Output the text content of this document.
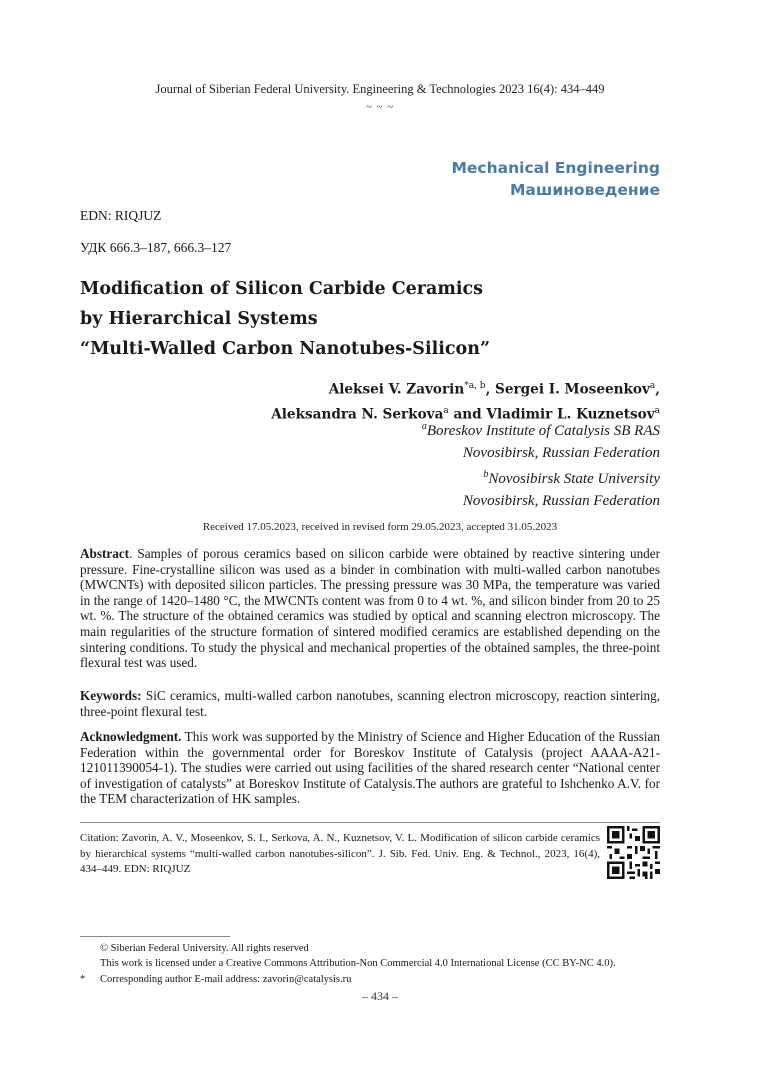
Journal of Siberian Federal University. Engineering & Technologies 2023 16(4): 434–449
~ ~ ~
Mechanical Engineering
Машиноведение
EDN: RIQJUZ
УДК 666.3–187, 666.3–127
Modification of Silicon Carbide Ceramics
by Hierarchical Systems
“Multi-Walled Carbon Nanotubes-Silicon”
Aleksei V. Zavorin$^{*a, b}$, Sergei I. Moseenkov$^a$,
Aleksandra N. Serkova$^a$ and Vladimir L. Kuznetsov$^a$
$^a$Boreskov Institute of Catalysis SB RAS
Novosibirsk, Russian Federation
$^b$Novosibirsk State University
Novosibirsk, Russian Federation
Received 17.05.2023, received in revised form 29.05.2023, accepted 31.05.2023
Abstract. Samples of porous ceramics based on silicon carbide were obtained by reactive sintering under pressure. Fine-crystalline silicon was used as a binder in combination with multi-walled carbon nanotubes (MWCNTs) with deposited silicon particles. The pressing pressure was 30 MPa, the temperature was varied in the range of 1420–1480 °C, the MWCNTs content was from 0 to 4 wt. %, and silicon binder from 20 to 25 wt. %. The structure of the obtained ceramics was studied by optical and scanning electron microscopy. The main regularities of the structure formation of sintered modified ceramics are established depending on the sintering conditions. To study the physical and mechanical properties of the obtained samples, the three-point flexural test was used.
Keywords: SiC ceramics, multi-walled carbon nanotubes, scanning electron microscopy, reaction sintering, three-point flexural test.
Acknowledgment. This work was supported by the Ministry of Science and Higher Education of the Russian Federation within the governmental order for Boreskov Institute of Catalysis (project AAAA-A21-121011390054-1). The studies were carried out using facilities of the shared research center “National center of investigation of catalysts” at Boreskov Institute of Catalysis.The authors are grateful to Ishchenko A.V. for the TEM characterization of HK samples.
Citation: Zavorin, A. V., Moseenkov, S. I., Serkova, A. N., Kuznetsov, V. L. Modification of silicon carbide ceramics by hierarchical systems “multi-walled carbon nanotubes-silicon”. J. Sib. Fed. Univ. Eng. & Technol., 2023, 16(4), 434–449. EDN: RIQJUZ
© Siberian Federal University. All rights reserved
This work is licensed under a Creative Commons Attribution-Non Commercial 4.0 International License (CC BY-NC 4.0).
*	Corresponding author E-mail address: zavorin@catalysis.ru
– 434 –
